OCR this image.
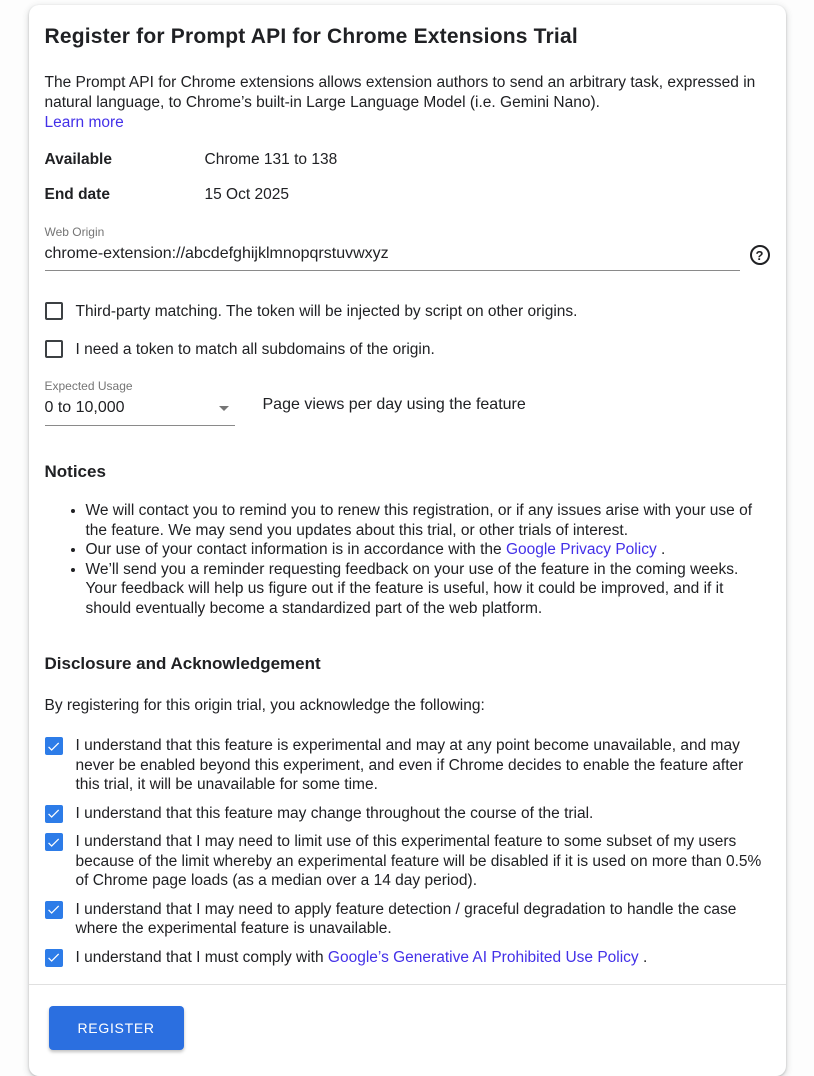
Register for Prompt API for Chrome Extensions Trial

The Prompt API for Chrome extensions allows extension authors to send an arbitrary task, expressed in natural language, to Chrome’s built-in Large Language Model (i.e. Gemini Nano).

Learn more
Available	Chrome 131 to 138
End date	15 Oct 2025
Web Origin
chrome-extension://abcdefghijklmnopqrstuvwxyz
?
Third-party matching. The token will be injected by script on other origins.
I need a token to match all subdomains of the origin.
Expected Usage
0 to 10,000	Page views per day using the feature
Notices
• We will contact you to remind you to renew this registration, or if any issues arise with your use of the feature. We may send you updates about this trial, or other trials of interest.
• Our use of your contact information is in accordance with the Google Privacy Policy .
• We’ll send you a reminder requesting feedback on your use of the feature in the coming weeks. Your feedback will help us figure out if the feature is useful, how it could be improved, and if it should eventually become a standardized part of the web platform.
Disclosure and Acknowledgement

By registering for this origin trial, you acknowledge the following:

I understand that this feature is experimental and may at any point become unavailable, and may never be enabled beyond this experiment, and even if Chrome decides to enable the feature after this trial, it will be unavailable for some time.
I understand that this feature may change throughout the course of the trial.
I understand that I may need to limit use of this experimental feature to some subset of my users because of the limit whereby an experimental feature will be disabled if it is used on more than 0.5% of Chrome page loads (as a median over a 14 day period).
I understand that I may need to apply feature detection / graceful degradation to handle the case where the experimental feature is unavailable.
I understand that I must comply with Google’s Generative AI Prohibited Use Policy .
REGISTER
